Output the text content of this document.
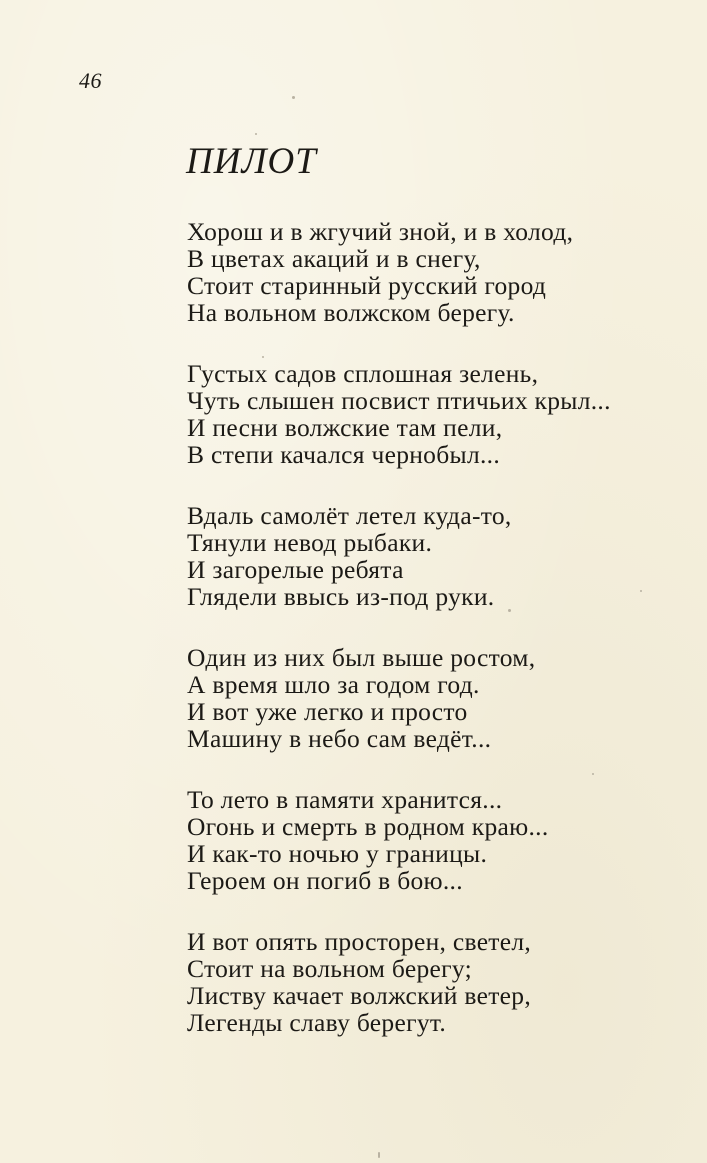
46
ПИЛОТ
Хорош и в жгучий зной, и в холод,
В цветах акаций и в снегу,
Стоит старинный русский город
На вольном волжском берегу.
Густых садов сплошная зелень,
Чуть слышен посвист птичьих крыл...
И песни волжские там пели,
В степи качался чернобыл...
Вдаль самолёт летел куда-то,
Тянули невод рыбаки.
И загорелые ребята
Глядели ввысь из-под руки.
Один из них был выше ростом,
А время шло за годом год.
И вот уже легко и просто
Машину в небо сам ведёт...
То лето в памяти хранится...
Огонь и смерть в родном краю...
И как-то ночью у границы.
Героем он погиб в бою...
И вот опять просторен, светел,
Стоит на вольном берегу;
Листву качает волжский ветер,
Легенды славу берегут.
